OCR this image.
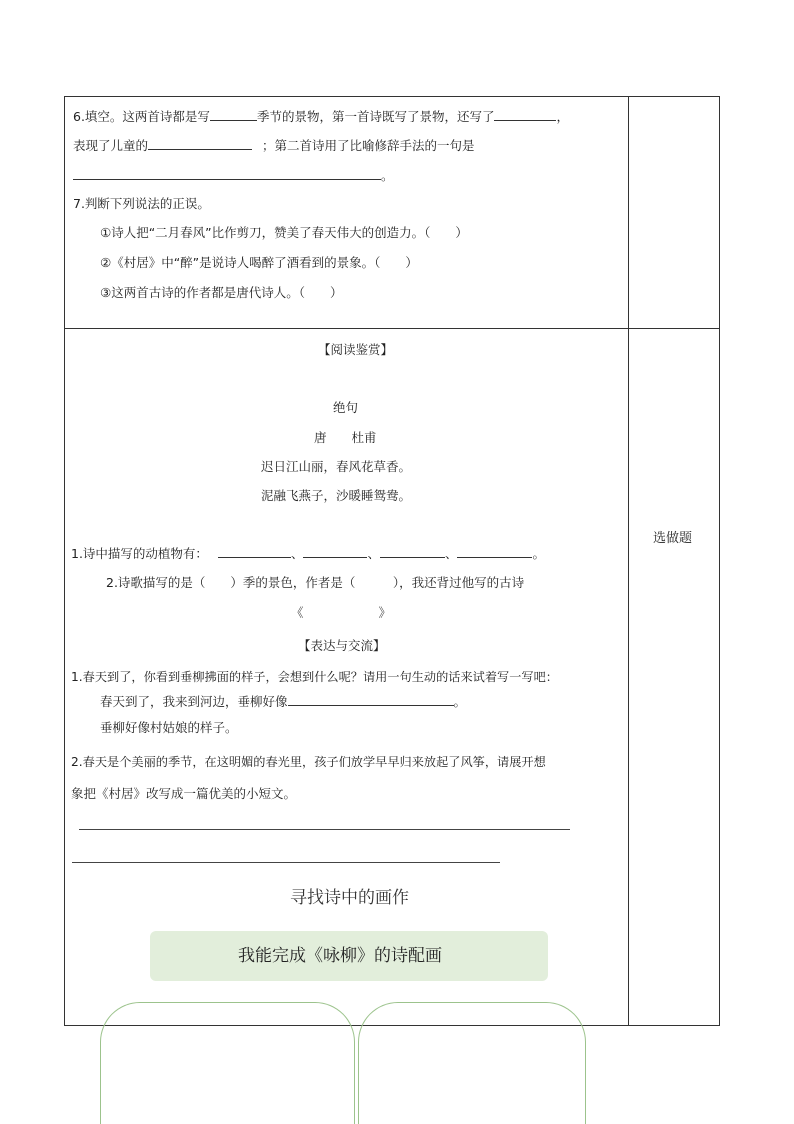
6.填空。这两首诗都是写	季节的景物，第一首诗既写了景物，还写了	，
表现了儿童的	；第二首诗用了比喻修辞手法的一句是
。
7.判断下列说法的正误。
①诗人把“二月春风”比作剪刀，赞美了春天伟大的创造力。（　　）
②《村居》中“醉”是说诗人喝醉了酒看到的景象。（　　）
③这两首古诗的作者都是唐代诗人。（　　）
【阅读鉴赏】
绝句
唐　　杜甫
迟日江山丽，春风花草香。
泥融飞燕子，沙暖睡鸳鸯。
1.诗中描写的动植物有：	、	、	、	。
2.诗歌描写的是（　　）季的景色，作者是（　　　），我还背过他写的古诗
《　　　　　　》
【表达与交流】
1.春天到了，你看到垂柳拂面的样子，会想到什么呢？请用一句生动的话来试着写一写吧：
春天到了，我来到河边，垂柳好像	。
垂柳好像村姑娘的样子。
2.春天是个美丽的季节，在这明媚的春光里，孩子们放学早早归来放起了风筝，请展开想
象把《村居》改写成一篇优美的小短文。
寻找诗中的画作
我能完成《咏柳》的诗配画
选做题
